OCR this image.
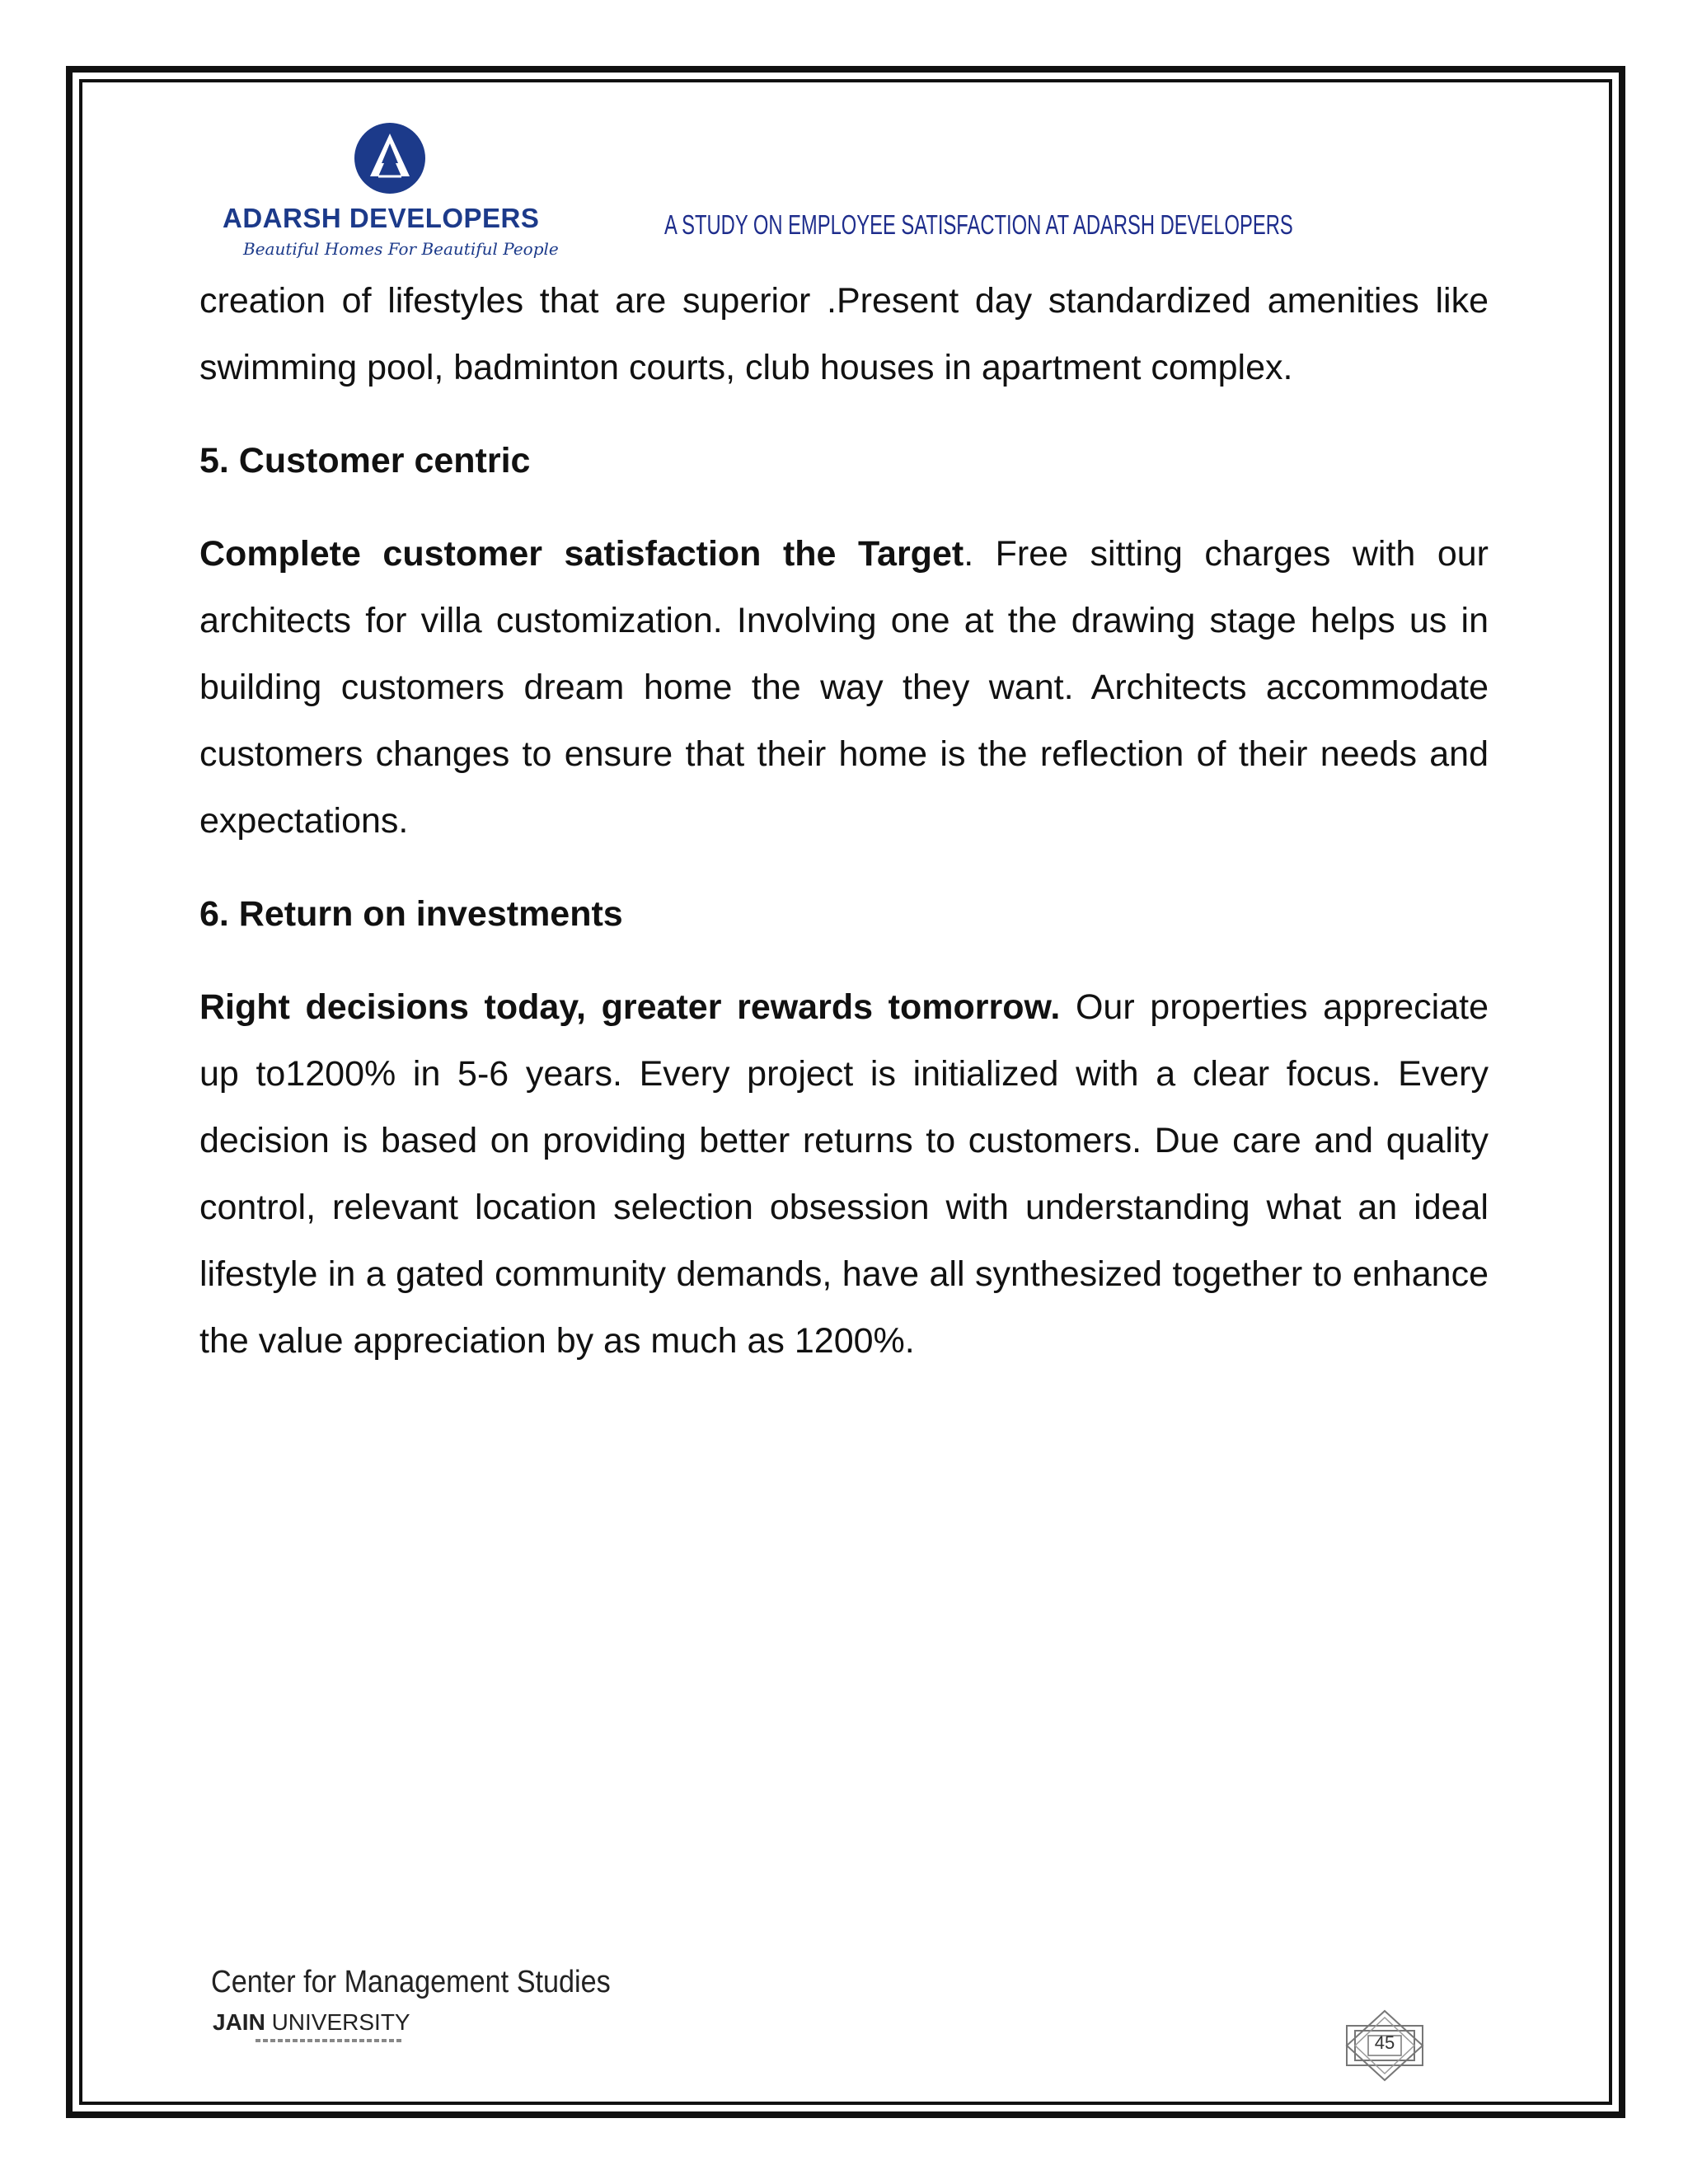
ADARSH DEVELOPERS
Beautiful Homes For Beautiful People
A STUDY ON EMPLOYEE SATISFACTION AT ADARSH DEVELOPERS

creation of lifestyles that are superior .Present day standardized amenities like swimming pool, badminton courts, club houses in apartment complex.

5. Customer centric

Complete customer satisfaction the Target. Free sitting charges with our architects for villa customization. Involving one at the drawing stage helps us in building customers dream home the way they want. Architects accommodate customers changes to ensure that their home is the reflection of their needs and expectations.

6. Return on investments

Right decisions today, greater rewards tomorrow. Our properties appreciate up to1200% in 5-6 years. Every project is initialized with a clear focus. Every decision is based on providing better returns to customers. Due care and quality control, relevant location selection obsession with understanding what an ideal lifestyle in a gated community demands, have all synthesized together to enhance the value appreciation by as much as 1200%.

Center for Management Studies
JAIN UNIVERSITY
45
